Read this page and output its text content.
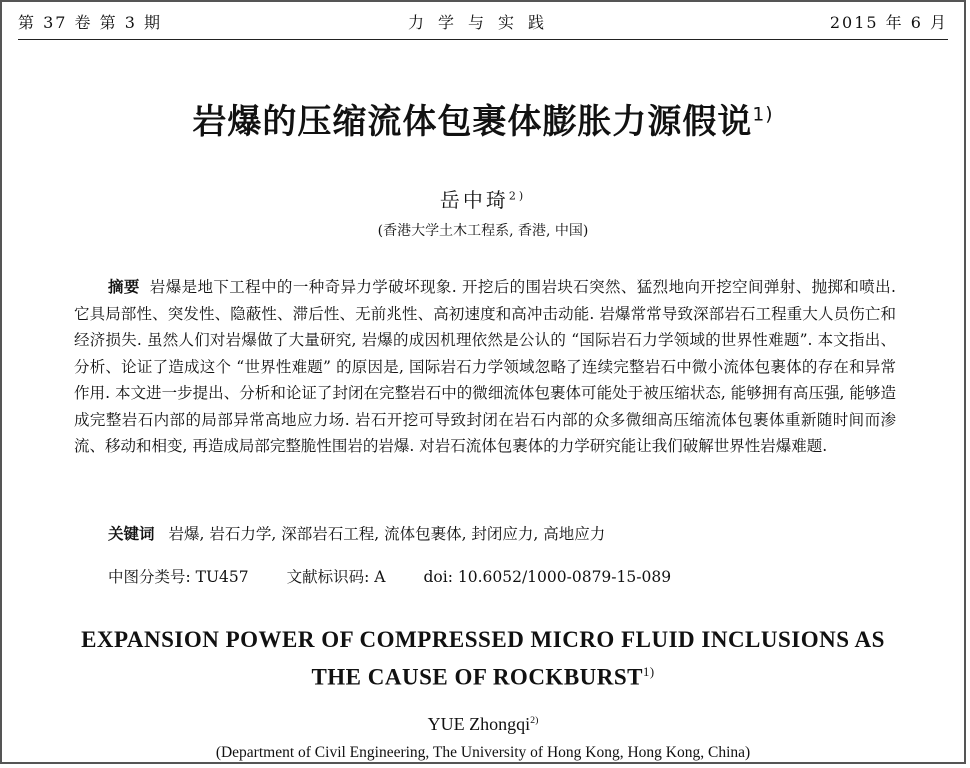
第 37 卷 第 3 期	力学与实践	2015 年 6 月
岩爆的压缩流体包裹体膨胀力源假说$^{1)}$
岳中琦$^{2)}$
(香港大学土木工程系, 香港, 中国)
摘要 岩爆是地下工程中的一种奇异力学破坏现象. 开挖后的围岩块石突然、猛烈地向开挖空间弹射、抛掷和喷出. 它具局部性、突发性、隐蔽性、滞后性、无前兆性、高初速度和高冲击动能. 岩爆常常导致深部岩石工程重大人员伤亡和经济损失. 虽然人们对岩爆做了大量研究, 岩爆的成因机理依然是公认的 “国际岩石力学领域的世界性难题”. 本文指出、分析、论证了造成这个 “世界性难题” 的原因是, 国际岩石力学领域忽略了连续完整岩石中微小流体包裹体的存在和异常作用. 本文进一步提出、分析和论证了封闭在完整岩石中的微细流体包裹体可能处于被压缩状态, 能够拥有高压强, 能够造成完整岩石内部的局部异常高地应力场. 岩石开挖可导致封闭在岩石内部的众多微细高压缩流体包裹体重新随时间而渗流、移动和相变, 再造成局部完整脆性围岩的岩爆. 对岩石流体包裹体的力学研究能让我们破解世界性岩爆难题.
关键词 岩爆, 岩石力学, 深部岩石工程, 流体包裹体, 封闭应力, 高地应力
中图分类号: TU457 文献标识码: A doi: 10.6052/1000-0879-15-089
EXPANSION POWER OF COMPRESSED MICRO FLUID INCLUSIONS AS
THE CAUSE OF ROCKBURST$^{1)}$
YUE Zhongqi$^{2)}$
(Department of Civil Engineering, The University of Hong Kong, Hong Kong, China)
